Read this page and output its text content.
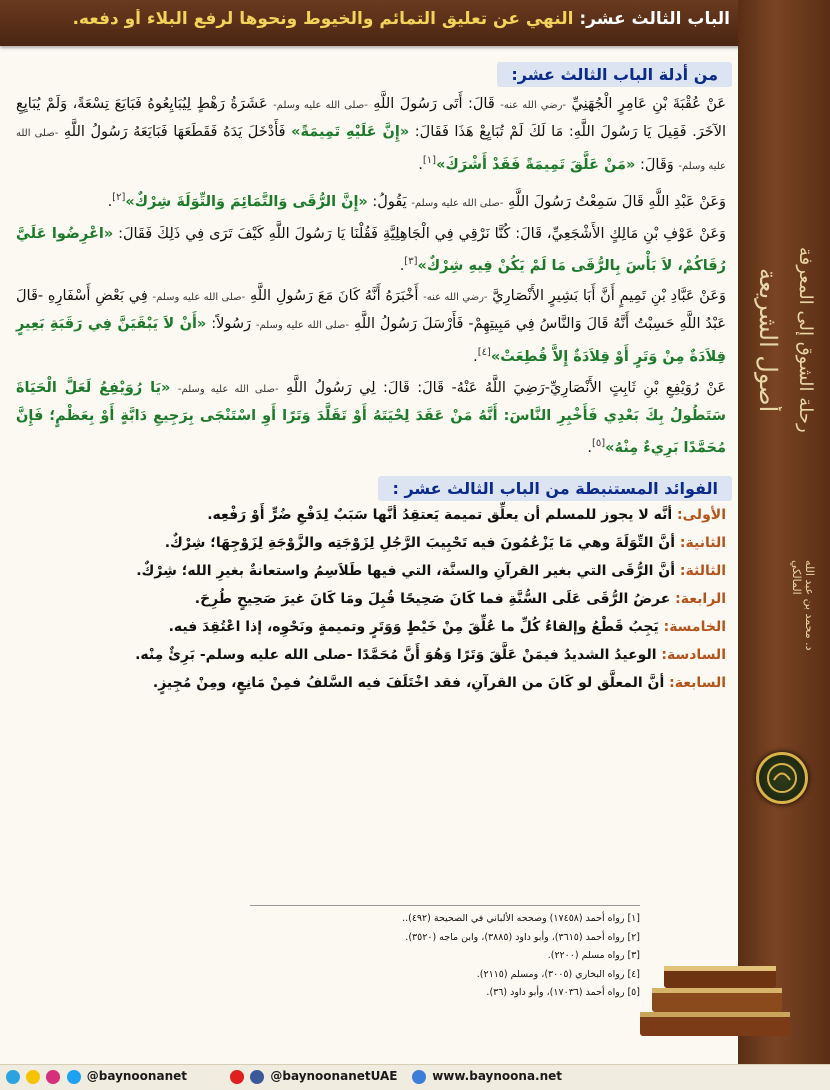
الباب الثالث عشر: النهي عن تعليق التمائم والخيوط ونحوها لرفع البلاء أو دفعه.
أصول الشريعة رحلة الشوق إلى المعرفة
د. محمد بن عبد الله المالكي
من أدلة الباب الثالث عشر:

عَنْ عُقْبَةَ بْنِ عَامِرٍ الْجُهَنِيِّ -رضي الله عنه- قَالَ: أَتَى رَسُولَ اللَّهِ -صلى الله عليه وسلم- عَشَرَةُ رَهْطٍ لِيُبَايِعُوهُ فَبَايَعَ تِسْعَةً، وَلَمْ يُبَايِعِ الآخَرَ. فَقِيلَ يَا رَسُولَ اللَّهِ: مَا لَكَ لَمْ تُبَايِعْ هَذَا فَقَالَ: «إِنَّ عَلَيْهِ تَمِيمَةً» فَأَدْخَلَ يَدَهُ فَقَطَعَهَا فَبَايَعَهُ رَسُولُ اللَّهِ -صلى الله عليه وسلم- وَقَالَ: «مَنْ عَلَّقَ تَمِيمَةً فَقَدْ أَشْرَكَ»[١].

وَعَنْ عَبْدِ اللَّهِ قَالَ سَمِعْتُ رَسُولَ اللَّهِ -صلى الله عليه وسلم- يَقُولُ: «إِنَّ الرُّقَى وَالتَّمَائِمَ وَالتِّوَلَةَ شِرْكٌ»[٢].

وَعَنْ عَوْفِ بْنِ مَالِكٍ الأَشْجَعِيِّ، قَالَ: كُنَّا نَرْقِي فِي الْجَاهِلِيَّةِ فَقُلْنَا يَا رَسُولَ اللَّهِ كَيْفَ تَرَى فِي ذَلِكَ فَقَالَ: «اعْرِضُوا عَلَيَّ رُقَاكُمْ، لاَ بَأْسَ بِالرُّقَى مَا لَمْ يَكُنْ فِيهِ شِرْكٌ»[٣].

وَعَنْ عَبَّادِ بْنِ تَمِيمٍ أَنَّ أَبَا بَشِيرٍ الأَنْصَارِيَّ -رضي الله عنه- أَخْبَرَهُ أَنَّهُ كَانَ مَعَ رَسُولِ اللَّهِ -صلى الله عليه وسلم- فِي بَعْضِ أَسْفَارِهِ -قَالَ عَبْدُ اللَّهِ حَسِبْتُ أَنَّهُ قَالَ وَالنَّاسُ فِي مَبِيتِهِمْ- فَأَرْسَلَ رَسُولُ اللَّهِ -صلى الله عليه وسلم- رَسُولاً: «أَنْ لاَ يَبْقَيَنَّ فِي رَقَبَةِ بَعِيرٍ قِلاَدَةٌ مِنْ وَتَرٍ أَوْ قِلاَدَةٌ إِلاَّ قُطِعَتْ»[٤].

عَنْ رُوَيْفِعِ بْنِ ثَابِتٍ الأَنْصَارِيِّ-رَضِيَ اللَّهُ عَنْهُ- قَالَ: قَالَ: لِي رَسُولُ اللَّهِ -صلى الله عليه وسلم- «يَا رُوَيْفِعُ لَعَلَّ الْحَيَاةَ سَتَطُولُ بِكَ بَعْدِي فَأَخْبِرِ النَّاسَ: أَنَّهُ مَنْ عَقَدَ لِحْيَتَهُ أَوْ تَقَلَّدَ وَتَرًا أَوِ اسْتَنْجَى بِرَجِيعِ دَابَّةٍ أَوْ بِعَظْمٍ؛ فَإِنَّ مُحَمَّدًا بَرِيءٌ مِنْهُ»[٥].

الفوائد المستنبطة من الباب الثالث عشر :
الأولى: أنَّه لا يجوز للمسلم أن يعلِّق تميمة يَعتقِدُ أنَّها سَبَبٌ لِدَفْعِ ضُرٍّ أَوْ رَفْعِه.
الثانية: أنَّ التِّوَلَةَ وهي مَا يَزْعُمُونَ فيه تَحْبِيبَ الرَّجُلِ لِزَوْجَتِه والزَّوْجَةِ لِزَوْجِهَا؛ شِرْكٌ.
الثالثة: أنَّ الرُّقَى التي بغير القرآنِ والسنَّة، التي فيها طَلاَسِمُ واستعانةٌ بغيرِ الله؛ شِرْكٌ.
الرابعة: عرضُ الرُّقَى عَلَى السُّنَّةِ فما كَانَ صَحِيحًا قُبِلَ ومَا كَانَ غيرَ صَحِيحٍ طُرِحَ.
الخامسة: يَجِبُ قَطْعُ وإلقاءُ كُلِّ ما عُلِّقَ مِنْ خَيْطٍ وَوَتَرٍ وتميمةٍ ونَحْوِه، إذا اعْتُقِدَ فيه.
السادسة: الوعيدُ الشديدُ فيمَنْ عَلَّقَ وَتَرًا وَهُوَ أَنَّ مُحَمَّدًا -صلى الله عليه وسلم- بَرِئٌ مِنْه.
السابعة: أنَّ المعلَّق لو كَانَ من القرآنِ، فقد اخْتَلَفَ فيه السَّلفُ فمِنْ مَانِعٍ، ومِنْ مُجِيزٍ.
[١] رواه أحمد (١٧٤٥٨) وصححه الألباني في الصحيحة (٤٩٢)..
[٢] رواه أحمد (٣٦١٥)، وأبو داود (٣٨٨٥)، وابن ماجه (٣٥٢٠).
[٣] رواه مسلم (٢٢٠٠).
[٤] رواه البخاري (٣٠٠٥)، ومسلم (٢١١٥).
[٥] رواه أحمد (١٧٠٣٦)، وأبو داود (٣٦).
@baynoonanet	@baynoonanetUAE	www.baynoona.net
